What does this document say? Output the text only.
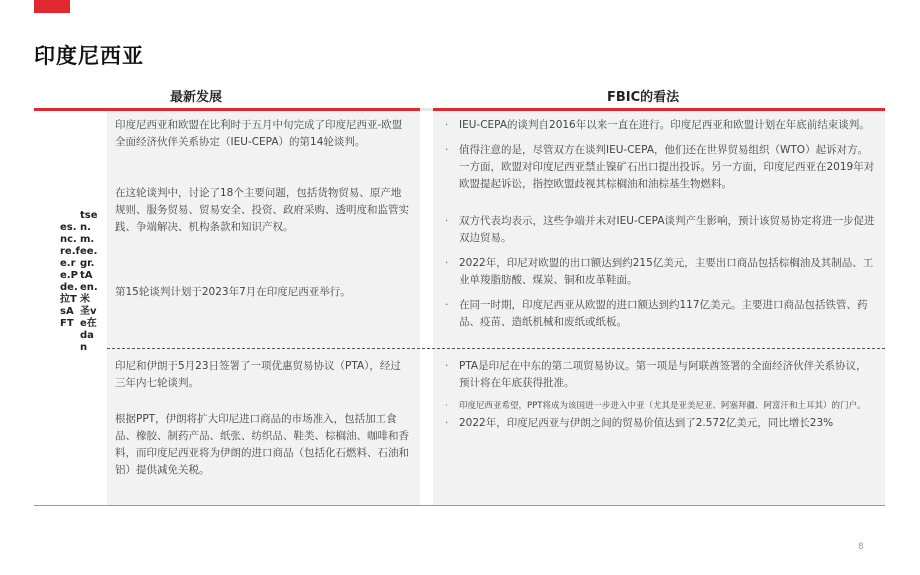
印度尼西亚
最新发展	FBIC的看法
es.nc.re.fe.re.Pde.拉TsAFT
tsen.m.ee.gr.tAen.米圣ve在dan

印度尼西亚和欧盟在比利时于五月中旬完成了印度尼西亚-欧盟全面经济伙伴关系协定（IEU-CEPA）的第14轮谈判。

在这轮谈判中，讨论了18个主要问题，包括货物贸易、原产地规则、服务贸易、贸易安全、投资、政府采购、透明度和监管实践、争端解决、机构条款和知识产权。

第15轮谈判计划于2023年7月在印度尼西亚举行。

· IEU-CEPA的谈判自2016年以来一直在进行。印度尼西亚和欧盟计划在年底前结束谈判。
· 值得注意的是，尽管双方在谈判IEU-CEPA，他们还在世界贸易组织（WTO）起诉对方。一方面，欧盟对印度尼西亚禁止镍矿石出口提出投诉。另一方面，印度尼西亚在2019年对欧盟提起诉讼，指控欧盟歧视其棕榈油和油棕基生物燃料。
· 双方代表均表示，这些争端并未对IEU-CEPA谈判产生影响，预计该贸易协定将进一步促进双边贸易。
· 2022年，印尼对欧盟的出口额达到约215亿美元，主要出口商品包括棕榈油及其制品、工业单羧脂肪酸、煤炭、铜和皮革鞋面。
· 在同一时期，印度尼西亚从欧盟的进口额达到约117亿美元。主要进口商品包括铁管、药品、疫苗、造纸机械和废纸或纸板。

印尼和伊朗于5月23日签署了一项优惠贸易协议（PTA），经过三年内七轮谈判。

根据PPT，伊朗将扩大印尼进口商品的市场准入，包括加工食品、橡胶、制药产品、纸张、纺织品、鞋类、棕榈油、咖啡和香料，而印度尼西亚将为伊朗的进口商品（包括化石燃料、石油和铝）提供减免关税。

· PTA是印尼在中东的第二项贸易协议。第一项是与阿联酋签署的全面经济伙伴关系协议，预计将在年底获得批准。
· 印度尼西亚希望，PPT将成为该国进一步进入中亚（尤其是亚美尼亚、阿塞拜疆、阿富汗和土耳其）的门户。
· 2022年，印度尼西亚与伊朗之间的贸易价值达到了2.572亿美元，同比增长23%
8
